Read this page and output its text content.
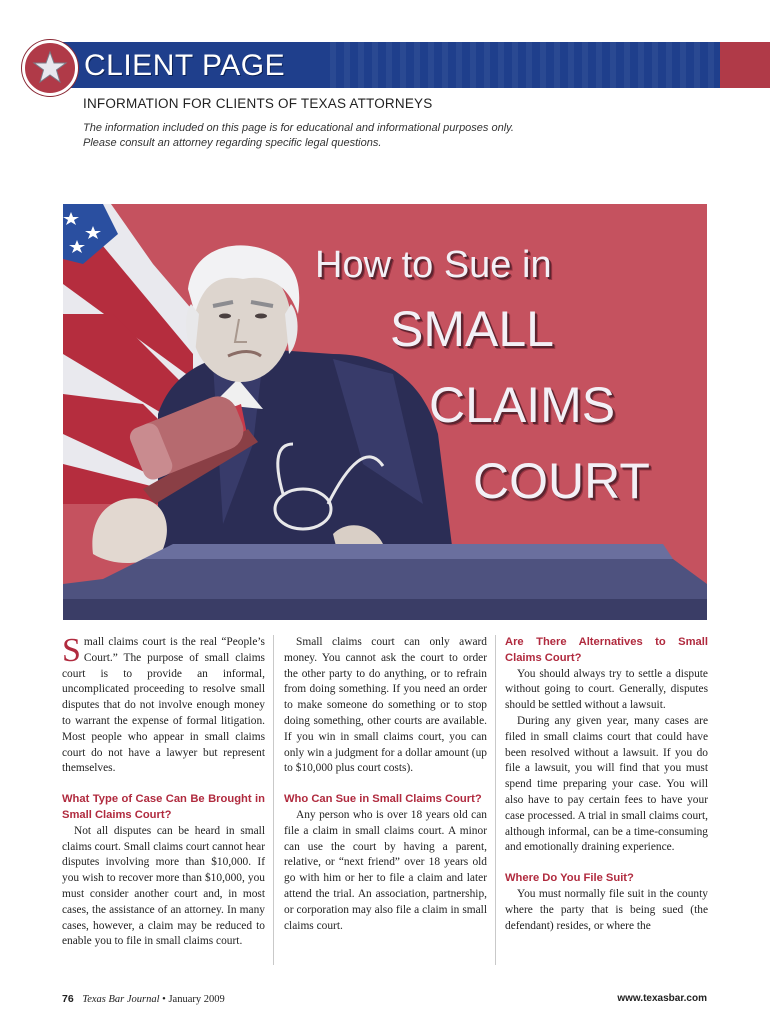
CLIENT PAGE
INFORMATION FOR CLIENTS OF TEXAS ATTORNEYS
The information included on this page is for educational and informational purposes only.
Please consult an attorney regarding specific legal questions.
How to Sue in
SMALL
CLAIMS
COURT

Small claims court is the real “People’s Court.” The purpose of small claims court is to provide an informal, uncomplicated proceeding to resolve small disputes that do not involve enough money to warrant the expense of formal litigation. Most people who appear in small claims court do not have a lawyer but represent themselves.

What Type of Case Can Be Brought in Small Claims Court?

Not all disputes can be heard in small claims court. Small claims court cannot hear disputes involving more than $10,000. If you wish to recover more than $10,000, you must consider another court and, in most cases, the assistance of an attorney. In many cases, however, a claim may be reduced to enable you to file in small claims court.

Small claims court can only award money. You cannot ask the court to order the other party to do anything, or to refrain from doing something. If you need an order to make someone do something or to stop doing something, other courts are available. If you win in small claims court, you can only win a judgment for a dollar amount (up to $10,000 plus court costs).

Who Can Sue in Small Claims Court?

Any person who is over 18 years old can file a claim in small claims court. A minor can use the court by having a parent, relative, or “next friend” over 18 years old go with him or her to file a claim and later attend the trial. An association, partnership, or corporation may also file a claim in small claims court.

Are There Alternatives to Small Claims Court?

You should always try to settle a dispute without going to court. Generally, disputes should be settled without a lawsuit.

During any given year, many cases are filed in small claims court that could have been resolved without a lawsuit. If you do file a lawsuit, you will find that you must spend time preparing your case. You will also have to pay certain fees to have your case processed. A trial in small claims court, although informal, can be a time-consuming and emotionally draining experience.

Where Do You File Suit?

You must normally file suit in the county where the party that is being sued (the defendant) resides, or where the

76 Texas Bar Journal • January 2009	www.texasbar.com
